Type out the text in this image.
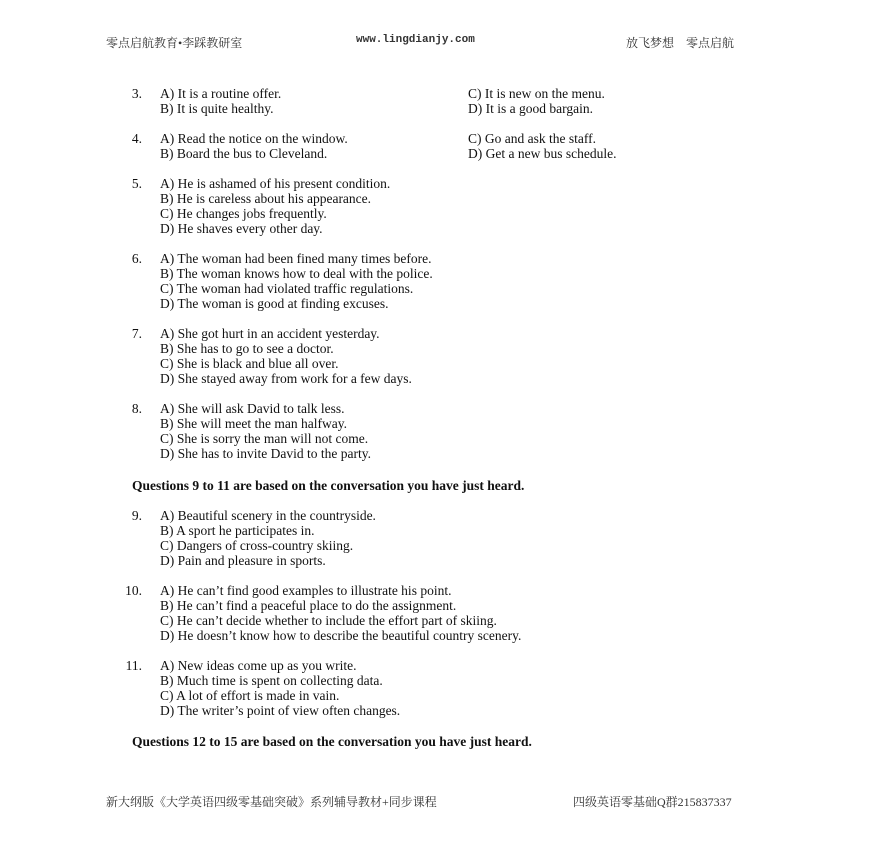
零点启航教育•李踩教研室	www.lingdianjy.com	放飞梦想　零点启航
3. A) It is a routine offer.
B) It is quite healthy.
C) It is new on the menu.
D) It is a good bargain.
4. A) Read the notice on the window.
B) Board the bus to Cleveland.
C) Go and ask the staff.
D) Get a new bus schedule.
5. A) He is ashamed of his present condition.
B) He is careless about his appearance.
C) He changes jobs frequently.
D) He shaves every other day.
6. A) The woman had been fined many times before.
B) The woman knows how to deal with the police.
C) The woman had violated traffic regulations.
D) The woman is good at finding excuses.
7. A) She got hurt in an accident yesterday.
B) She has to go to see a doctor.
C) She is black and blue all over.
D) She stayed away from work for a few days.
8. A) She will ask David to talk less.
B) She will meet the man halfway.
C) She is sorry the man will not come.
D) She has to invite David to the party.
9. A) Beautiful scenery in the countryside.
B) A sport he participates in.
C) Dangers of cross-country skiing.
D) Pain and pleasure in sports.
10. A) He can’t find good examples to illustrate his point.
B) He can’t find a peaceful place to do the assignment.
C) He can’t decide whether to include the effort part of skiing.
D) He doesn’t know how to describe the beautiful country scenery.
11. A) New ideas come up as you write.
B) Much time is spent on collecting data.
C) A lot of effort is made in vain.
D) The writer’s point of view often changes.
Questions 9 to 11 are based on the conversation you have just heard.
Questions 12 to 15 are based on the conversation you have just heard.
新大纲版《大学英语四级零基础突破》系列辅导教材+同步课程	四级英语零基础Q群215837337
